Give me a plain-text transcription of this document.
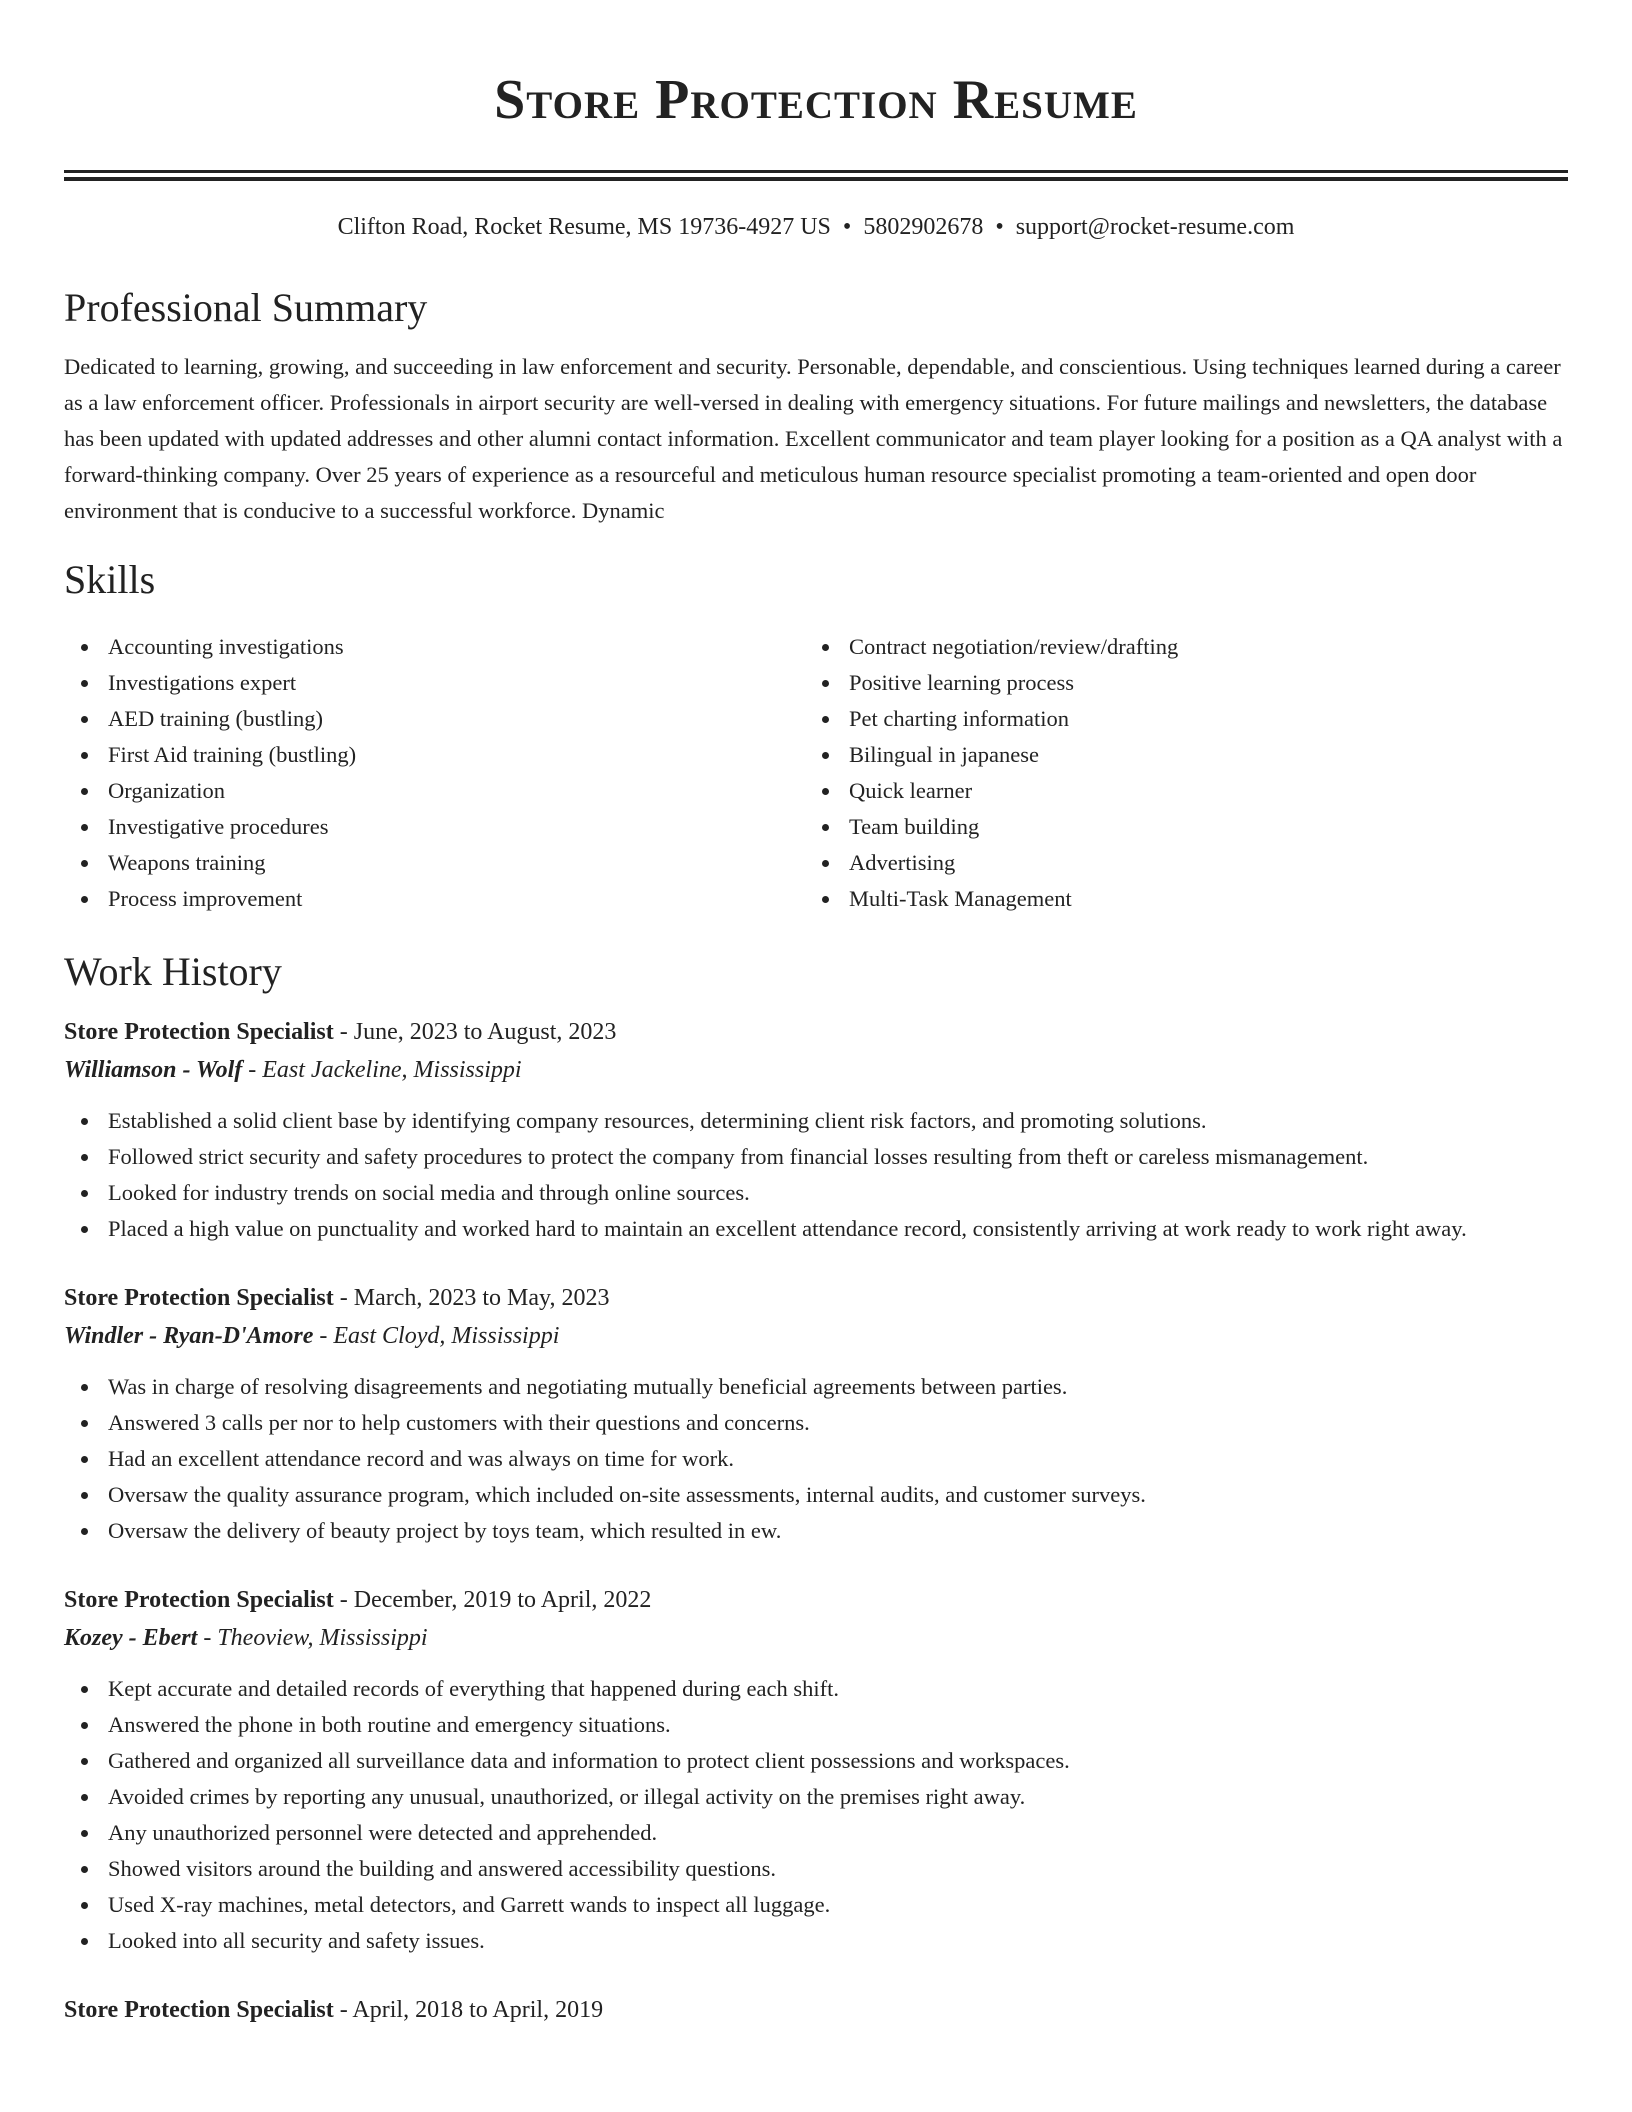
Store Protection Resume
Clifton Road, Rocket Resume, MS 19736-4927 US • 5802902678 • support@rocket-resume.com
Professional Summary

Dedicated to learning, growing, and succeeding in law enforcement and security. Personable, dependable, and conscientious. Using techniques learned during a career as a law enforcement officer. Professionals in airport security are well-versed in dealing with emergency situations. For future mailings and newsletters, the database has been updated with updated addresses and other alumni contact information. Excellent communicator and team player looking for a position as a QA analyst with a forward-thinking company. Over 25 years of experience as a resourceful and meticulous human resource specialist promoting a team-oriented and open door environment that is conducive to a successful workforce. Dynamic

Skills
Accounting investigations
Investigations expert
AED training (bustling)
First Aid training (bustling)
Organization
Investigative procedures
Weapons training
Process improvement
Contract negotiation/review/drafting
Positive learning process
Pet charting information
Bilingual in japanese
Quick learner
Team building
Advertising
Multi-Task Management
Work History
Store Protection Specialist - June, 2023 to August, 2023
Williamson - Wolf - East Jackeline, Mississippi
Established a solid client base by identifying company resources, determining client risk factors, and promoting solutions.
Followed strict security and safety procedures to protect the company from financial losses resulting from theft or careless mismanagement.
Looked for industry trends on social media and through online sources.
Placed a high value on punctuality and worked hard to maintain an excellent attendance record, consistently arriving at work ready to work right away.
Store Protection Specialist - March, 2023 to May, 2023
Windler - Ryan-D'Amore - East Cloyd, Mississippi
Was in charge of resolving disagreements and negotiating mutually beneficial agreements between parties.
Answered 3 calls per nor to help customers with their questions and concerns.
Had an excellent attendance record and was always on time for work.
Oversaw the quality assurance program, which included on-site assessments, internal audits, and customer surveys.
Oversaw the delivery of beauty project by toys team, which resulted in ew.
Store Protection Specialist - December, 2019 to April, 2022
Kozey - Ebert - Theoview, Mississippi
Kept accurate and detailed records of everything that happened during each shift.
Answered the phone in both routine and emergency situations.
Gathered and organized all surveillance data and information to protect client possessions and workspaces.
Avoided crimes by reporting any unusual, unauthorized, or illegal activity on the premises right away.
Any unauthorized personnel were detected and apprehended.
Showed visitors around the building and answered accessibility questions.
Used X-ray machines, metal detectors, and Garrett wands to inspect all luggage.
Looked into all security and safety issues.
Store Protection Specialist - April, 2018 to April, 2019
